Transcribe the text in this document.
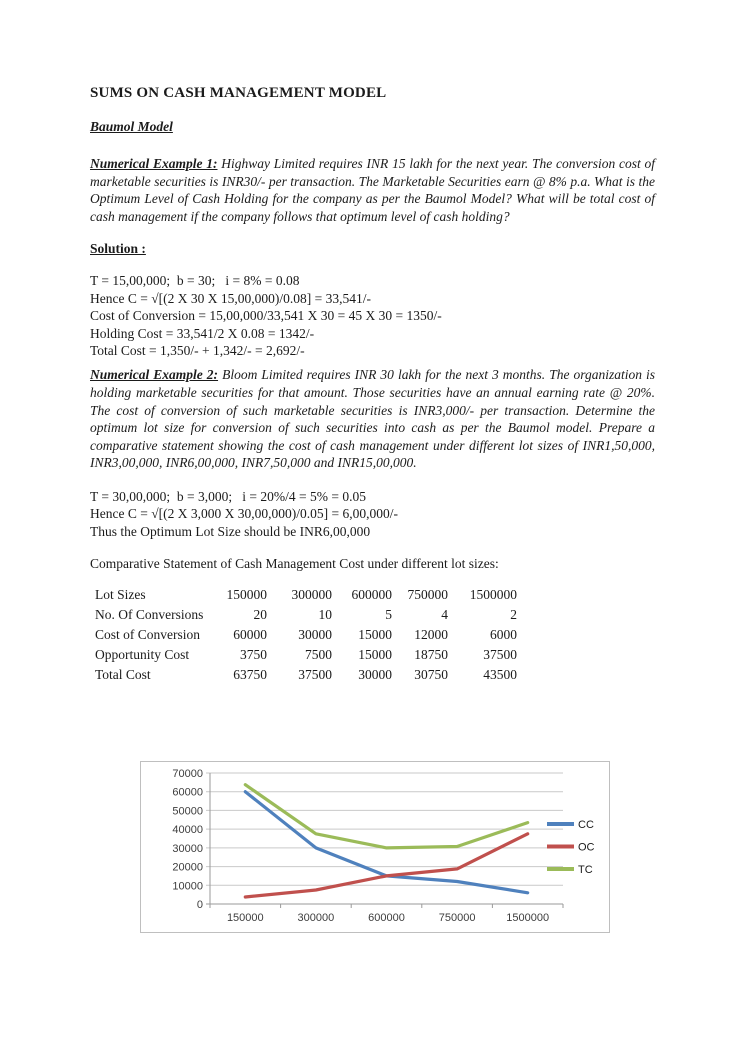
SUMS ON CASH MANAGEMENT MODEL
Baumol Model

Numerical Example 1: Highway Limited requires INR 15 lakh for the next year. The conversion cost of marketable securities is INR30/- per transaction. The Marketable Securities earn @ 8% p.a. What is the Optimum Level of Cash Holding for the company as per the Baumol Model? What will be total cost of cash management if the company follows that optimum level of cash holding?

Solution :
T = 15,00,000;  b = 30;   i = 8% = 0.08
Hence C = √[(2 X 30 X 15,00,000)/0.08] = 33,541/-
Cost of Conversion = 15,00,000/33,541 X 30 = 45 X 30 = 1350/-
Holding Cost = 33,541/2 X 0.08 = 1342/-
Total Cost = 1,350/- + 1,342/- = 2,692/-

Numerical Example 2: Bloom Limited requires INR 30 lakh for the next 3 months. The organization is holding marketable securities for that amount. Those securities have an annual earning rate @ 20%. The cost of conversion of such marketable securities is INR3,000/- per transaction. Determine the optimum lot size for conversion of such securities into cash as per the Baumol model. Prepare a comparative statement showing the cost of cash management under different lot sizes of INR1,50,000, INR3,00,000, INR6,00,000, INR7,50,000 and INR15,00,000.

T = 30,00,000;  b = 3,000;   i = 20%/4 = 5% = 0.05
Hence C = √[(2 X 3,000 X 30,00,000)/0.05] = 6,00,000/-
Thus the Optimum Lot Size should be INR6,00,000

Comparative Statement of Cash Management Cost under different lot sizes:

Lot Sizes	150000	300000	600000	750000	1500000
No. Of Conversions	20	10	5	4	2
Cost of Conversion	60000	30000	15000	12000	6000
Opportunity Cost	3750	7500	15000	18750	37500
Total Cost	63750	37500	30000	30750	43500
0
10000
20000
30000
40000
50000
60000
70000
150000	300000	600000	750000	1500000
CC
OC
TC
